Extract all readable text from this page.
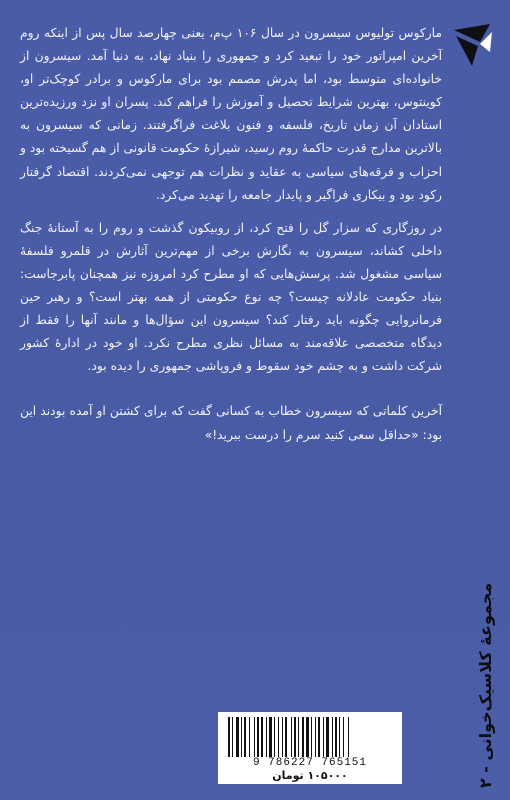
مارکوس تولیوس سیسرون در سال ۱۰۶ پ‌م، یعنی چهارصد سال پس از اینکه روم آخرین امپراتور خود را تبعید کرد و جمهوری را بنیاد نهاد، به دنیا آمد. سیسرون از خانواده‌ای متوسط بود، اما پدرش مصمم بود برای مارکوس و برادر کوچک‌تر او، کوینتوس، بهترین شرایط تحصیل و آموزش را فراهم کند. پسران او نزد ورزیده‌ترین استادان آن زمان تاریخ، فلسفه و فنون بلاغت فراگرفتند. زمانی که سیسرون به بالاترین مدارج قدرت حاکمهٔ روم رسید، شیرازهٔ حکومت قانونی از هم گسیخته بود و احزاب و فرقه‌های سیاسی به عقاید و نظرات هم توجهی نمی‌کردند. اقتصاد گرفتار رکود بود و بیکاری فراگیر و پایدار جامعه را تهدید می‌کرد.

در روزگاری که سزار گل را فتح کرد، از روبیکون گذشت و روم را به آستانهٔ جنگ داخلی کشاند، سیسرون به نگارش برخی از مهم‌ترین آثارش در قلمرو فلسفهٔ سیاسی مشغول شد. پرسش‌هایی که او مطرح کرد امروزه نیز همچنان پابرجاست: بنیاد حکومت عادلانه چیست؟ چه نوع حکومتی از همه بهتر است؟ و رهبر حین فرمانروایی چگونه باید رفتار کند؟ سیسرون این سؤال‌ها و مانند آنها را فقط از دیدگاه متخصصی علاقه‌مند به مسائل نظری مطرح نکرد. او خود در ادارهٔ کشور شرکت داشت و به چشم خود سقوط و فروپاشی جمهوری را دیده بود.

آخرین کلماتی که سیسرون خطاب به کسانی گفت که برای کشتن او آمده بودند این بود: «حداقل سعی کنید سرم را درست ببرید!»

مجموعهٔ کلاسیک‌خوانی - ۲
9 786227 765151
۱۰۵۰۰۰ تومان
